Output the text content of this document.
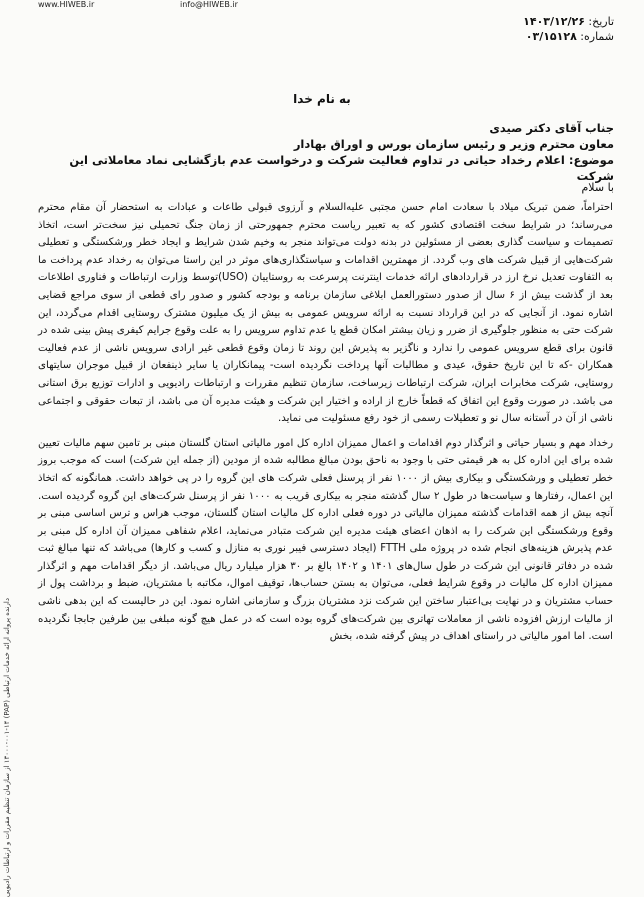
www.HIWEB.ir	info@HIWEB.ir
تاریخ: ۱۴۰۳/۱۲/۲۶
شماره: ۰۳/۱۵۱۲۸
به نام خدا
جناب آقای دکتر صیدی
معاون محترم وزیر و رئیس سازمان بورس و اوراق بهادار
موضوع: اعلام رخداد حیاتی در تداوم فعالیت شرکت و درخواست عدم بازگشایی نماد معاملاتی این شرکت
با سلام

احتراماً، ضمن تبریک میلاد با سعادت امام حسن مجتبی علیه‌السلام و آرزوی قبولی طاعات و عبادات به استحضار آن مقام محترم می‌رساند؛ در شرایط سخت اقتصادی کشور که به تعبیر ریاست محترم جمهورحتی از زمان جنگ تحمیلی نیز سخت‌تر است، اتخاذ تصمیمات و سیاست گذاری بعضی از مسئولین در بدنه دولت می‌تواند منجر به وخیم شدن شرایط و ایجاد خطر ورشکستگی و تعطیلی شرکت‌هایی از قبیل شرکت های وب گردد. از مهمترین اقدامات و سیاستگذاری‌های موثر در این راستا می‌توان به رخداد عدم پرداخت ما به التفاوت تعدیل نرخ ارز در قراردادهای ارائه خدمات اینترنت پرسرعت به روستاییان (USO)توسط وزارت ارتباطات و فناوری اطلاعات بعد از گذشت بیش از ۶ سال از صدور دستورالعمل ابلاغی سازمان برنامه و بودجه کشور و صدور رای قطعی از سوی مراجع قضایی اشاره نمود. از آنجایی که در این قرارداد نسبت به ارائه سرویس عمومی به بیش از یک میلیون مشترک روستایی اقدام می‌گردد، این شرکت حتی به منظور جلوگیری از ضرر و زیان بیشتر امکان قطع یا عدم تداوم سرویس را به علت وقوع جرایم کیفری پیش بینی شده در قانون برای قطع سرویس عمومی را ندارد و ناگزیر به پذیرش این روند تا زمان وقوع قطعی غیر ارادی سرویس ناشی از عدم فعالیت همکاران -که تا این تاریخ حقوق، عیدی و مطالبات آنها پرداخت نگردیده است- پیمانکاران یا سایر ذینفعان از قبیل موجران سایتهای روستایی، شرکت مخابرات ایران، شرکت ارتباطات زیرساخت، سازمان تنظیم مقررات و ارتباطات رادیویی و ادارات توزیع برق استانی می باشد. در صورت وقوع این اتفاق که قطعاً خارج از اراده و اختیار این شرکت و هیئت مدیره آن می باشد، از تبعات حقوقی و اجتماعی ناشی از آن در آستانه سال نو و تعطیلات رسمی از خود رفع مسئولیت می نماید.

رخداد مهم و بسیار حیاتی و اثرگذار دوم اقدامات و اعمال ممیزان اداره کل امور مالیاتی استان گلستان مبنی بر تامین سهم مالیات تعیین شده برای این اداره کل به هر قیمتی حتی با وجود به ناحق بودن مبالغ مطالبه شده از مودین (از جمله این شرکت) است که موجب بروز خطر تعطیلی و ورشکستگی و بیکاری بیش از ۱۰۰۰ نفر از پرسنل فعلی شرکت های این گروه را در پی خواهد داشت. همانگونه که اتخاذ این اعمال، رفتارها و سیاست‌ها در طول ۲ سال گذشته منجر به بیکاری قریب به ۱۰۰۰ نفر از پرسنل شرکت‌های این گروه گردیده است. آنچه بیش از همه اقدامات گذشته ممیزان مالیاتی در دوره فعلی اداره کل مالیات استان گلستان، موجب هراس و ترس اساسی مبنی بر وقوع ورشکستگی این شرکت را به اذهان اعضای هیئت مدیره این شرکت متبادر می‌نماید، اعلام شفاهی ممیزان آن اداره کل مبنی بر عدم پذیرش هزینه‌های انجام شده در پروژه ملی FTTH (ایجاد دسترسی فیبر نوری به منازل و کسب و کارها) می‌باشد که تنها مبالغ ثبت شده در دفاتر قانونی این شرکت در طول سال‌های ۱۴۰۱ و ۱۴۰۲ بالغ بر ۳۰ هزار میلیارد ریال می‌باشد. از دیگر اقدامات مهم و اثرگذار ممیزان اداره کل مالیات در وقوع شرایط فعلی، می‌توان به بستن حساب‌ها، توقیف اموال، مکاتبه با مشتریان، ضبط و برداشت پول از حساب مشتریان و در نهایت بی‌اعتبار ساختن این شرکت نزد مشتریان بزرگ و سازمانی اشاره نمود. این در حالیست که این بدهی ناشی از مالیات ارزش افزوده ناشی از معاملات تهاتری بین شرکت‌های گروه بوده است که در عمل هیچ گونه مبلغی بین طرفین جابجا نگردیده است. اما امور مالیاتی در راستای اهداف در پیش گرفته شده، بخش

دارنده پروانه ارائه خدمات ارتباطی (PAP) ۱۳۰۰۰-۰۰۱-۱۴ از سازمان تنظیم مقررات و ارتباطات رادیویی
